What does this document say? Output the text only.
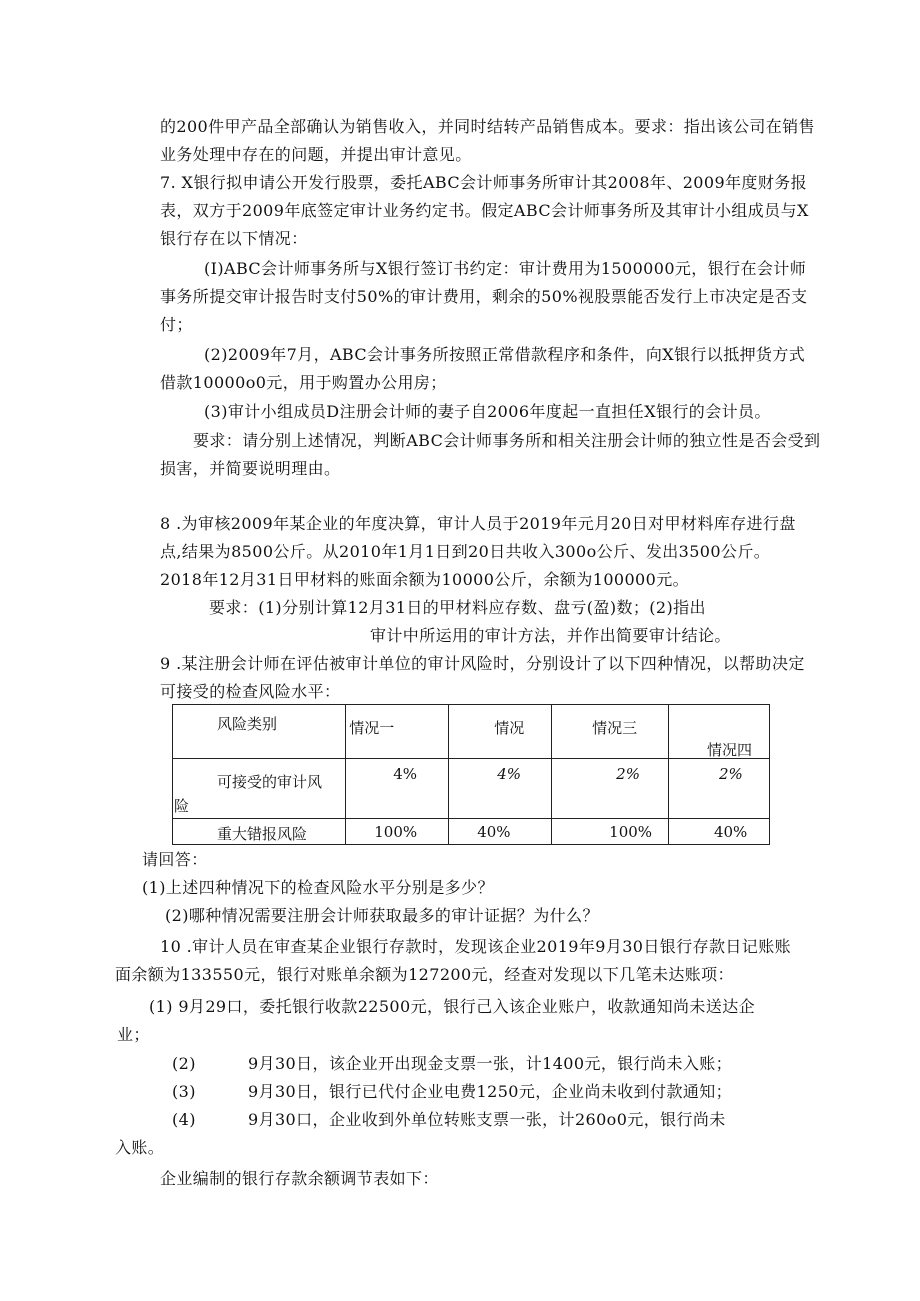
的200件甲产品全部确认为销售收入，并同时结转产品销售成本。要求：指出该公司在销售
业务处理中存在的问题，并提出审计意见。
7. X银行拟申请公开发行股票，委托ABC会计师事务所审计其2008年、2009年度财务报
表，双方于2009年底签定审计业务约定书。假定ABC会计师事务所及其审计小组成员与X
银行存在以下情况：
(I)ABC会计师事务所与X银行签订书约定：审计费用为1500000元，银行在会计师
事务所提交审计报告时支付50%的审计费用，剩余的50%视股票能否发行上市决定是否支
付；
(2)2009年7月，ABC会计事务所按照正常借款程序和条件，向X银行以抵押货方式
借款10000o0元，用于购置办公用房；
(3)审计小组成员D注册会计师的妻子自2006年度起一直担任X银行的会计员。
要求：请分别上述情况，判断ABC会计师事务所和相关注册会计师的独立性是否会受到
损害，并简要说明理由。
8 .为审核2009年某企业的年度决算，审计人员于2019年元月20日对甲材料库存进行盘
点,结果为8500公斤。从2010年1月1日到20日共收入300o公斤、发出3500公斤。
2018年12月31日甲材料的账面余额为10000公斤，余额为100000元。
要求：(1)分别计算12月31日的甲材料应存数、盘亏(盈)数；(2)指出
审计中所运用的审计方法，并作出简要审计结论。
9 .某注册会计师在评估被审计单位的审计风险时，分别设计了以下四种情况，以帮助决定
可接受的检查风险水平：
风险类别	情况一	情况	情况三	情况四

可接受的审计风
险	4%	4%	2%	2%

重大错报风险	100%	40%	100%	40%
请回答：
(1)上述四种情况下的检查风险水平分别是多少？
(2)哪种情况需要注册会计师获取最多的审计证据？为什么？
10 .审计人员在审查某企业银行存款时，发现该企业2019年9月30日银行存款日记账账
面余额为133550元，银行对账单余额为127200元，经查对发现以下几笔未达账项：
(1) 9月29口，委托银行收款22500元，银行己入该企业账户，收款通知尚未送达企
业；
(2)	9月30日，该企业开出现金支票一张，计1400元，银行尚未入账；
(3)	9月30日，银行已代付企业电费1250元，企业尚未收到付款通知；
(4)	9月30口，企业收到外单位转账支票一张，计260o0元，银行尚未
入账。
企业编制的银行存款余额调节表如下：
